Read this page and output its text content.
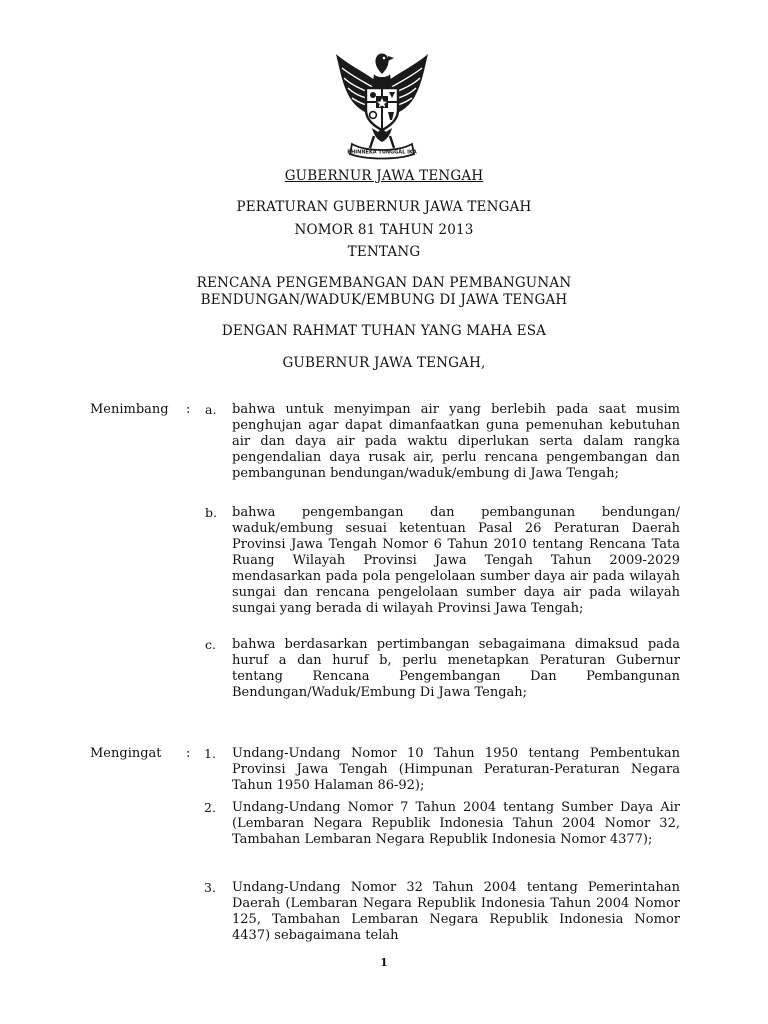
BHINNEKA TUNGGAL IKA
GUBERNUR JAWA TENGAH
PERATURAN GUBERNUR JAWA TENGAH
NOMOR 81 TAHUN 2013
TENTANG
RENCANA PENGEMBANGAN DAN PEMBANGUNAN
BENDUNGAN/WADUK/EMBUNG DI JAWA TENGAH
DENGAN RAHMAT TUHAN YANG MAHA ESA
GUBERNUR JAWA TENGAH,
Menimbang : a.	bahwa untuk menyimpan air yang berlebih pada saat musim penghujan agar dapat dimanfaatkan guna pemenuhan kebutuhan air dan daya air pada waktu diperlukan serta dalam rangka pengendalian daya rusak air, perlu rencana pengembangan dan pembangunan bendungan/waduk/embung di Jawa Tengah;
b.	bahwa pengembangan dan pembangunan bendungan/ waduk/embung sesuai ketentuan Pasal 26 Peraturan Daerah Provinsi Jawa Tengah Nomor 6 Tahun 2010 tentang Rencana Tata Ruang Wilayah Provinsi Jawa Tengah Tahun 2009-2029 mendasarkan pada pola pengelolaan sumber daya air pada wilayah sungai dan rencana pengelolaan sumber daya air pada wilayah sungai yang berada di wilayah Provinsi Jawa Tengah;
c.	bahwa berdasarkan pertimbangan sebagaimana dimaksud pada huruf a dan huruf b, perlu menetapkan Peraturan Gubernur tentang Rencana Pengembangan Dan Pembangunan Bendungan/Waduk/Embung Di Jawa Tengah;
Mengingat : 1.	Undang-Undang Nomor 10 Tahun 1950 tentang Pembentukan Provinsi Jawa Tengah (Himpunan Peraturan-Peraturan Negara Tahun 1950 Halaman 86-92);
2.	Undang-Undang Nomor 7 Tahun 2004 tentang Sumber Daya Air (Lembaran Negara Republik Indonesia Tahun 2004 Nomor 32, Tambahan Lembaran Negara Republik Indonesia Nomor 4377);
3.	Undang-Undang Nomor 32 Tahun 2004 tentang Pemerintahan Daerah (Lembaran Negara Republik Indonesia Tahun 2004 Nomor 125, Tambahan Lembaran Negara Republik Indonesia Nomor 4437) sebagaimana telah
1
